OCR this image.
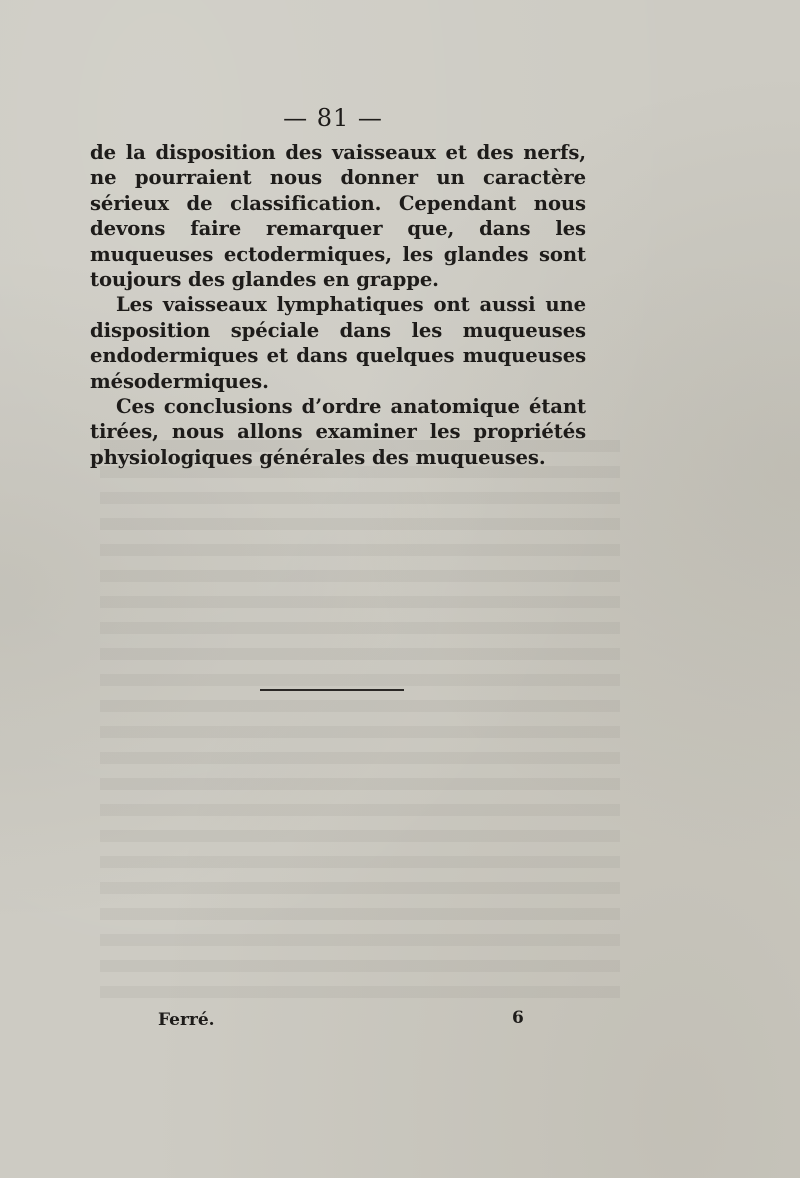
— 81 —

de la disposition des vaisseaux et des nerfs, ne pourraient nous donner un caractère sérieux de classification. Cependant nous devons faire remarquer que, dans les muqueuses ectodermiques, les glandes sont toujours des glandes en grappe.

Les vaisseaux lymphatiques ont aussi une disposition spéciale dans les muqueuses endodermiques et dans quelques muqueuses mésodermiques.

Ces conclusions d’ordre anatomique étant tirées, nous allons examiner les propriétés physiologiques générales des muqueuses.

Ferré.	6
